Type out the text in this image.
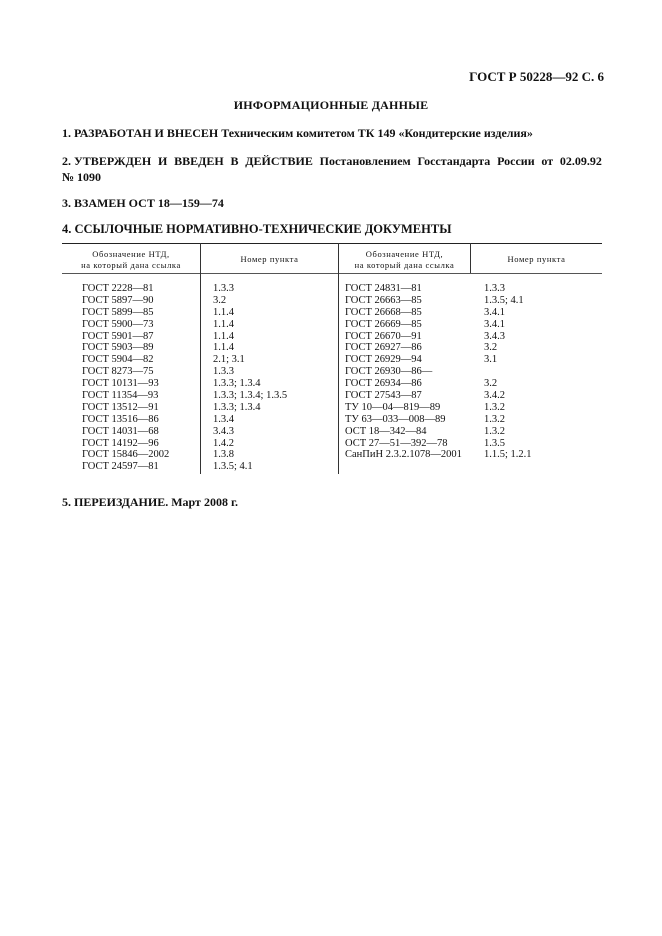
ГОСТ Р 50228—92 С. 6
ИНФОРМАЦИОННЫЕ ДАННЫЕ
1. РАЗРАБОТАН И ВНЕСЕН Техническим комитетом ТК 149 «Кондитерские изделия»
2. УТВЕРЖДЕН И ВВЕДЕН В ДЕЙСТВИЕ Постановлением Госстандарта России от 02.09.92
№ 1090
3. ВЗАМЕН ОСТ 18—159—74
4. ССЫЛОЧНЫЕ НОРМАТИВНО-ТЕХНИЧЕСКИЕ ДОКУМЕНТЫ
Обозначение НТД,
на который дана ссылка
Номер пункта	Обозначение НТД,
на который дана ссылка
Номер пункта
ГОСТ 2228—81
ГОСТ 5897—90
ГОСТ 5899—85
ГОСТ 5900—73
ГОСТ 5901—87
ГОСТ 5903—89
ГОСТ 5904—82
ГОСТ 8273—75
ГОСТ 10131—93
ГОСТ 11354—93
ГОСТ 13512—91
ГОСТ 13516—86
ГОСТ 14031—68
ГОСТ 14192—96
ГОСТ 15846—2002
ГОСТ 24597—81
1.3.3
3.2
1.1.4
1.1.4
1.1.4
1.1.4
2.1; 3.1
1.3.3
1.3.3; 1.3.4
1.3.3; 1.3.4; 1.3.5
1.3.3; 1.3.4
1.3.4
3.4.3
1.4.2
1.3.8
1.3.5; 4.1
ГОСТ 24831—81
ГОСТ 26663—85
ГОСТ 26668—85
ГОСТ 26669—85
ГОСТ 26670—91
ГОСТ 26927—86
ГОСТ 26929—94
ГОСТ 26930—86—
ГОСТ 26934—86
ГОСТ 27543—87
ТУ 10—04—819—89
ТУ 63—033—008—89
ОСТ 18—342—84
ОСТ 27—51—392—78
СанПиН 2.3.2.1078—2001
1.3.3
1.3.5; 4.1
3.4.1
3.4.1
3.4.3
3.2
3.1
3.2
3.4.2
1.3.2
1.3.2
1.3.2
1.3.5
1.1.5; 1.2.1
5. ПЕРЕИЗДАНИЕ. Март 2008 г.
